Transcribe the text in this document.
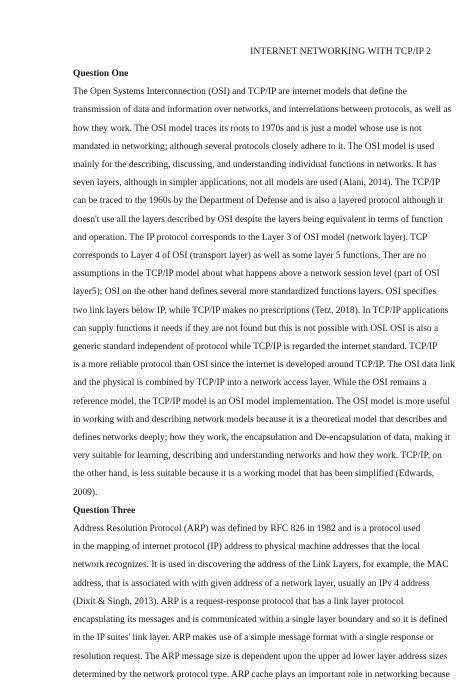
INTERNET NETWORKING WITH TCP/IP 2

Question One

The Open Systems Interconnection (OSI) and TCP/IP are internet models that define the
transmission of data and information over networks, and interrelations between protocols, as well as
how they work. The OSI model traces its roots to 1970s and is just a model whose use is not
mandated in networking; although several protocols closely adhere to it. The OSI model is used
mainly for the describing, discussing, and understanding individual functions in networks. It has
seven layers, although in simpler applications, not all models are used (Alani, 2014). The TCP/IP
can be traced to the 1960s by the Department of Defense and is also a layered protocol although it
doesn't use all the layers described by OSI despite the layers being equivalent in terms of function
and operation. The IP protocol corresponds to the Layer 3 of OSI model (network layer). TCP
corresponds to Layer 4 of OSI (transport layer) as well as some layer 5 functions. Ther are no
assumptions in the TCP/IP model about what happens above a network session level (part of OSI
layer5); OSI on the other hand defines several more standardized functions layers. OSI specifies
two link layers below IP, while TCP/IP makes no prescriptions (Tetz, 2018). In TCP/IP applications
can supply functions it needs if they are not found but this is not possible with OSI. OSI is also a
generic standard independent of protocol while TCP/IP is regarded the internet standard. TCP/IP
is a more reliable protocol than OSI since the internet is developed around TCP/IP. The OSI data link
and the physical is combined by TCP/IP into a network access layer. While the OSI remains a
reference model, the TCP/IP model is an OSI model implementation. The OSI model is more useful
in working with and describing network models because it is a theoretical model that describes and
defines networks deeply; how they work, the encapsulation and De-encapsulation of data, making it
very suitable for learning, describing and understanding networks and how they work. TCP/IP, on
the other hand, is less suitable because it is a working model that has been simplified (Edwards,
2009).

Question Three

Address Resolution Protocol (ARP) was defined by RFC 826 in 1982 and is a protocol used
in the mapping of internet protocol (IP) address to physical machine addresses that the local
network recognizes. It is used in discovering the address of the Link Layers, for example, the MAC
address, that is associated with with given address of a network layer, usually an IPv 4 address
(Dixit & Singh, 2013). ARP is a request-response protocol that has a link layer protocol
encapsulating its messages and is communicated within a single layer boundary and so it is defined
in the IP suites' link layer. ARP makes use of a simple message format with a single response or
resolution request. The ARP message size is dependent upon the upper ad lower layer address sizes
determined by the network protocol type. ARP cache plays an important role in networking because
